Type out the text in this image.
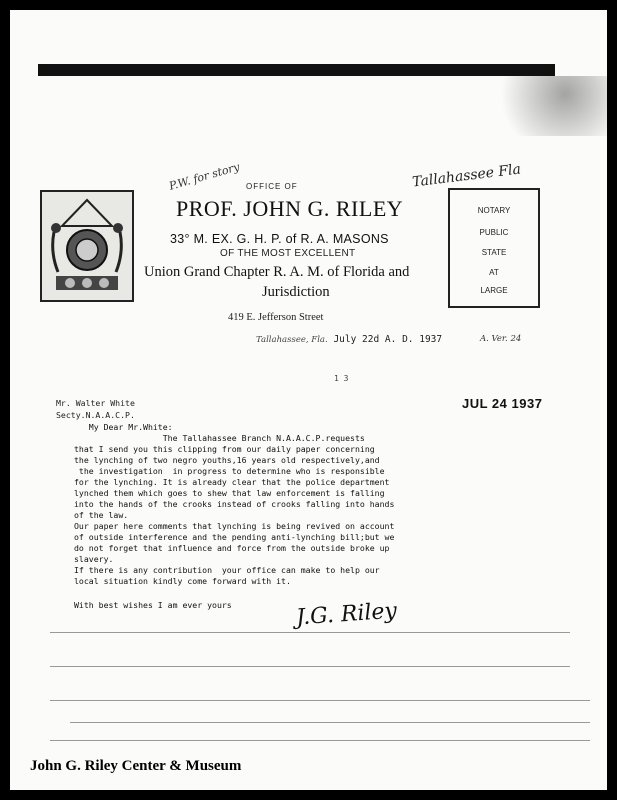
P.W. for story OFFICE OF
PROF. JOHN G. RILEY
33° M. EX. G. H. P. of R. A. MASONS
OF THE MOST EXCELLENT
Union Grand Chapter R. A. M. of Florida and
Jurisdiction
419 E. Jefferson Street
Tallahassee Fla
NOTARY
PUBLIC
STATE
AT
LARGE
Tallahassee, Fla. July 22d A. D. 1937	A. Ver. 24
1 3
JUL 24 1937
Mr. Walter White
Secty.N.A.A.C.P.
My Dear Mr.White:
The Tallahassee Branch N.A.A.C.P.requests
that I send you this clipping from our daily paper concerning
the lynching of two negro youths,16 years old respectively,and
the investigation  in progress to determine who is responsible
for the lynching. It is already clear that the police department
lynched them which goes to shew that law enforcement is falling
into the hands of the crooks instead of crooks falling into hands
of the law.
Our paper here comments that lynching is being revived on account
of outside interference and the pending anti-lynching bill;but we
do not forget that influence and force from the outside broke up
slavery.
If there is any contribution  your office can make to help our
local situation kindly come forward with it.
With best wishes I am ever yours	J.G. Riley
John G. Riley Center & Museum
